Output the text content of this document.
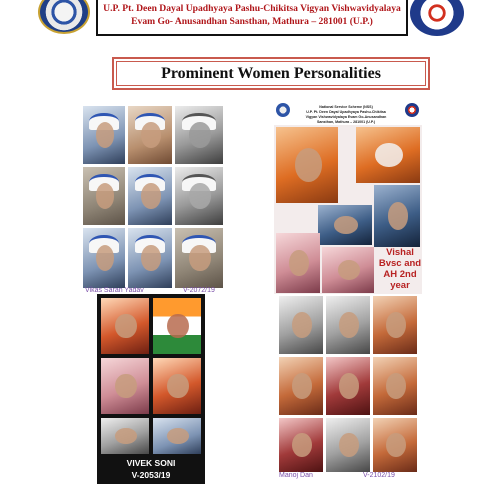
U.P. Pt. Deen Dayal Upadhyaya Pashu-Chikitsa Vigyan Vishwavidyalaya
Evam Go- Anusandhan Sansthan, Mathura – 281001 (U.P.)
Prominent Women Personalities
Vikas Saran Yadav	V-2072/19
National Service Scheme (NSS)
U.P. Pt. Deen Dayal Upadhyaya Pashu-Chikitsa
Vigyan Vishwavidyalaya Evam Go-Anusandhan
Sansthan, Mathura – 281001 (U.P.)
Vishal
Bvsc and
AH 2nd
year
VIVEK SONI
V-2053/19	Manoj Dan	V-2102/19
